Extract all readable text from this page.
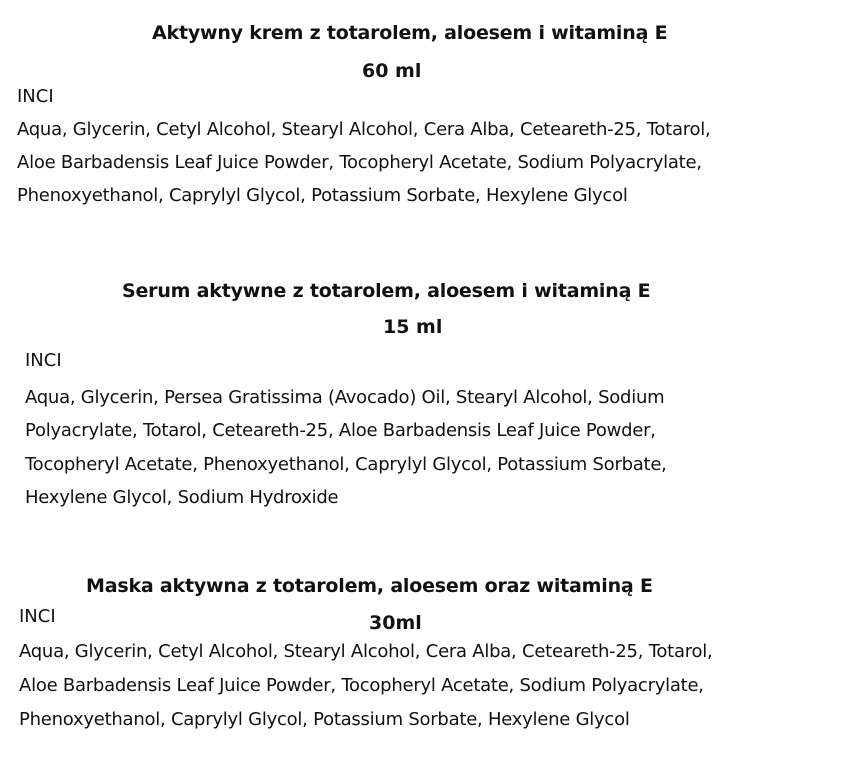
Aktywny krem z totarolem, aloesem i witaminą E
60 ml
INCI
Aqua, Glycerin, Cetyl Alcohol, Stearyl Alcohol, Cera Alba, Ceteareth-25, Totarol,
Aloe Barbadensis Leaf Juice Powder, Tocopheryl Acetate, Sodium Polyacrylate,
Phenoxyethanol, Caprylyl Glycol, Potassium Sorbate, Hexylene Glycol
Serum aktywne z totarolem, aloesem i witaminą E
15 ml
INCI
Aqua, Glycerin, Persea Gratissima (Avocado) Oil, Stearyl Alcohol, Sodium
Polyacrylate, Totarol, Ceteareth-25, Aloe Barbadensis Leaf Juice Powder,
Tocopheryl Acetate, Phenoxyethanol, Caprylyl Glycol, Potassium Sorbate,
Hexylene Glycol, Sodium Hydroxide
Maska aktywna z totarolem, aloesem oraz witaminą E
INCI	30ml
Aqua, Glycerin, Cetyl Alcohol, Stearyl Alcohol, Cera Alba, Ceteareth-25, Totarol,
Aloe Barbadensis Leaf Juice Powder, Tocopheryl Acetate, Sodium Polyacrylate,
Phenoxyethanol, Caprylyl Glycol, Potassium Sorbate, Hexylene Glycol
